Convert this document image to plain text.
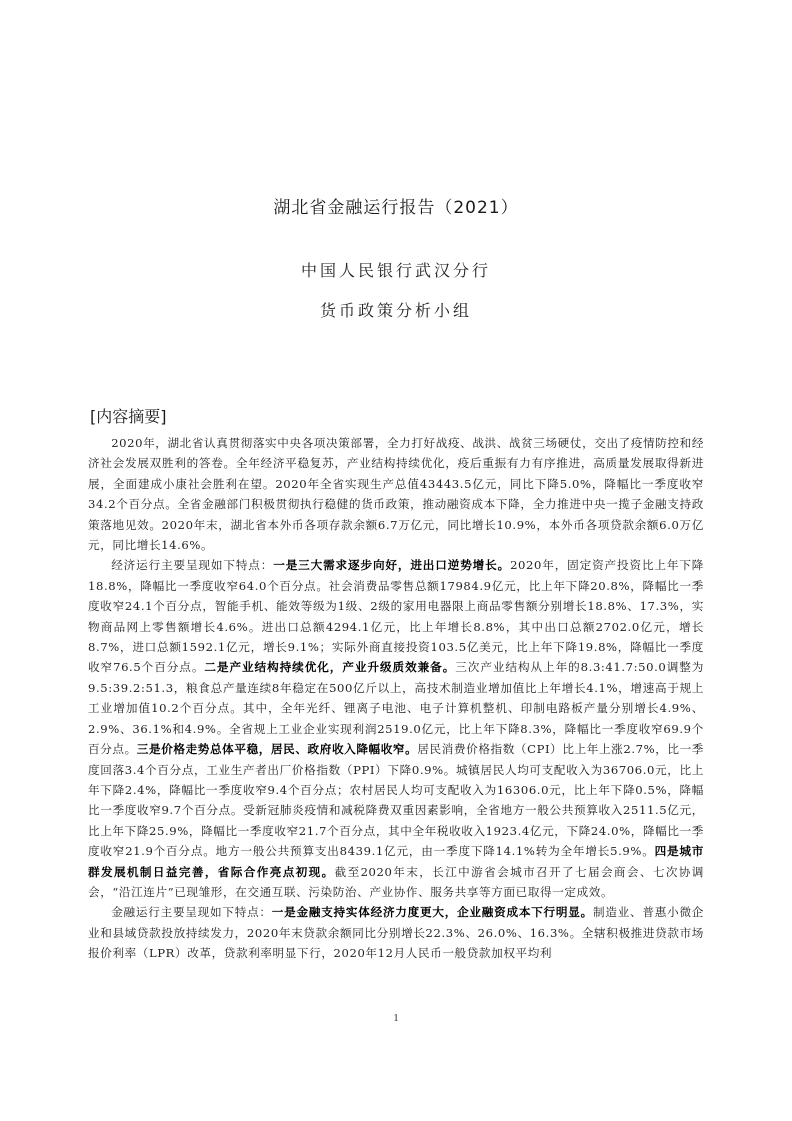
湖北省金融运行报告（2021）
中国人民银行武汉分行
货币政策分析小组
[内容摘要]

2020年，湖北省认真贯彻落实中央各项决策部署，全力打好战疫、战洪、战贫三场硬仗，交出了疫情防控和经济社会发展双胜利的答卷。全年经济平稳复苏，产业结构持续优化，疫后重振有力有序推进，高质量发展取得新进展，全面建成小康社会胜利在望。2020年全省实现生产总值43443.5亿元，同比下降5.0%，降幅比一季度收窄34.2个百分点。全省金融部门积极贯彻执行稳健的货币政策，推动融资成本下降，全力推进中央一揽子金融支持政策落地见效。2020年末，湖北省本外币各项存款余额6.7万亿元，同比增长10.9%，本外币各项贷款余额6.0万亿元，同比增长14.6%。

经济运行主要呈现如下特点：一是三大需求逐步向好，进出口逆势增长。2020年，固定资产投资比上年下降18.8%，降幅比一季度收窄64.0个百分点。社会消费品零售总额17984.9亿元，比上年下降20.8%，降幅比一季度收窄24.1个百分点，智能手机、能效等级为1级、2级的家用电器限上商品零售额分别增长18.8%、17.3%，实物商品网上零售额增长4.6%。进出口总额4294.1亿元，比上年增长8.8%，其中出口总额2702.0亿元，增长8.7%，进口总额1592.1亿元，增长9.1%；实际外商直接投资103.5亿美元，比上年下降19.8%，降幅比一季度收窄76.5个百分点。二是产业结构持续优化，产业升级质效兼备。三次产业结构从上年的8.3:41.7:50.0调整为9.5:39.2:51.3，粮食总产量连续8年稳定在500亿斤以上，高技术制造业增加值比上年增长4.1%，增速高于规上工业增加值10.2个百分点。其中，全年光纤、锂离子电池、电子计算机整机、印制电路板产量分别增长4.9%、2.9%、36.1%和4.9%。全省规上工业企业实现利润2519.0亿元，比上年下降8.3%，降幅比一季度收窄69.9个百分点。三是价格走势总体平稳，居民、政府收入降幅收窄。居民消费价格指数（CPI）比上年上涨2.7%，比一季度回落3.4个百分点，工业生产者出厂价格指数（PPI）下降0.9%。城镇居民人均可支配收入为36706.0元，比上年下降2.4%，降幅比一季度收窄9.4个百分点；农村居民人均可支配收入为16306.0元，比上年下降0.5%，降幅比一季度收窄9.7个百分点。受新冠肺炎疫情和减税降费双重因素影响，全省地方一般公共预算收入2511.5亿元，比上年下降25.9%，降幅比一季度收窄21.7个百分点，其中全年税收收入1923.4亿元，下降24.0%，降幅比一季度收窄21.9个百分点。地方一般公共预算支出8439.1亿元，由一季度下降14.1%转为全年增长5.9%。四是城市群发展机制日益完善，省际合作亮点初现。截至2020年末，长江中游省会城市召开了七届会商会、七次协调会，“沿江连片”已现雏形，在交通互联、污染防治、产业协作、服务共享等方面已取得一定成效。

金融运行主要呈现如下特点：一是金融支持实体经济力度更大，企业融资成本下行明显。制造业、普惠小微企业和县域贷款投放持续发力，2020年末贷款余额同比分别增长22.3%、26.0%、16.3%。全辖积极推进贷款市场报价利率（LPR）改革，贷款利率明显下行，2020年12月人民币一般贷款加权平均利

1
